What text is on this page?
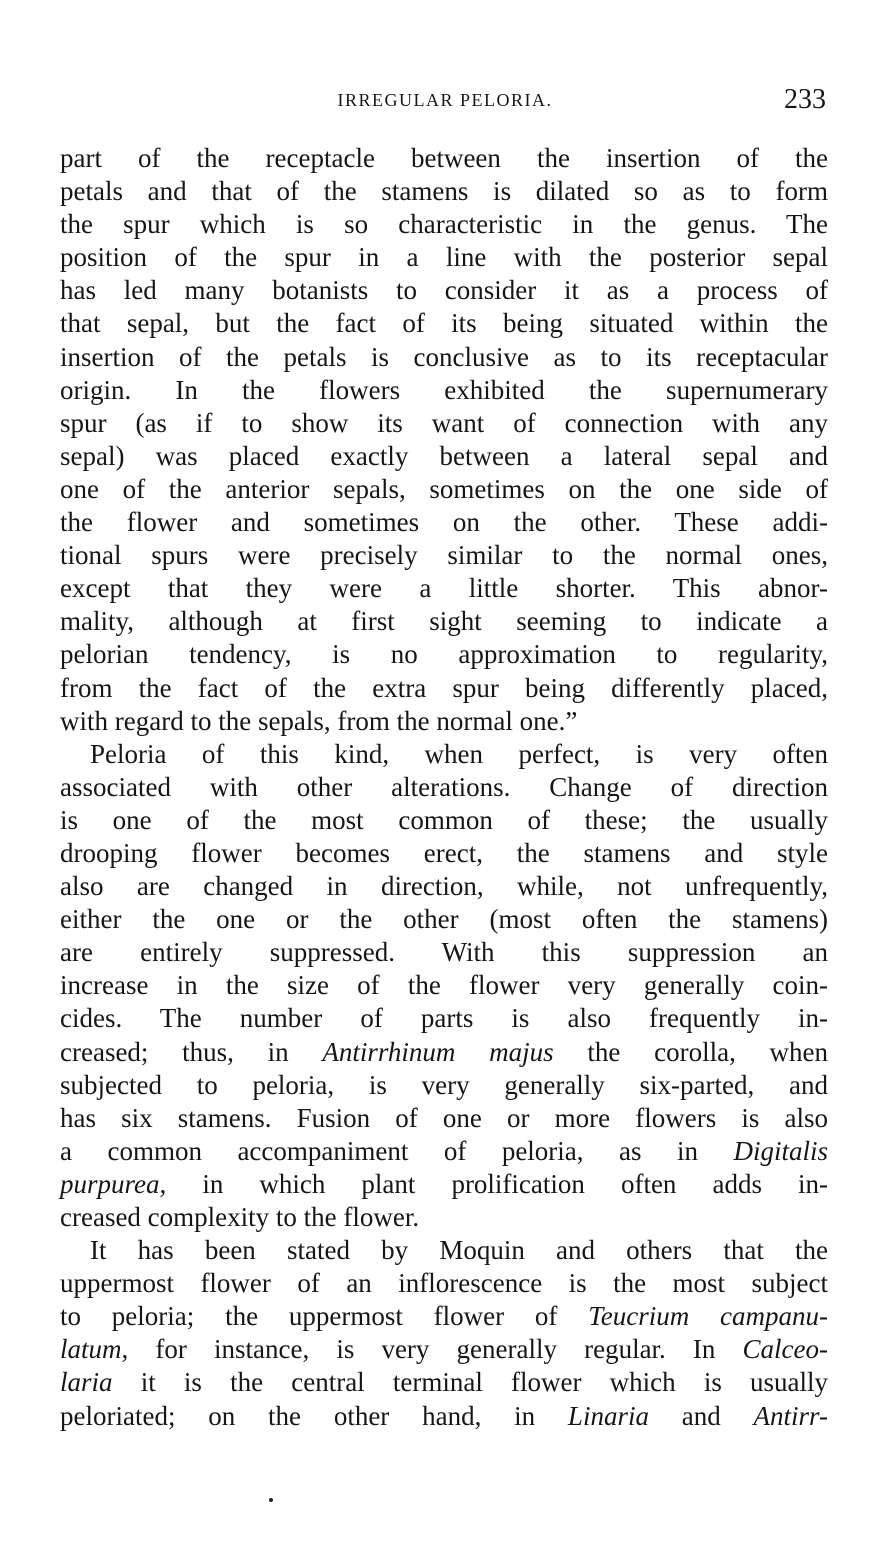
IRREGULAR PELORIA.	233
part of the receptacle between the insertion of the
petals and that of the stamens is dilated so as to form
the spur which is so characteristic in the genus. The
position of the spur in a line with the posterior sepal
has led many botanists to consider it as a process of
that sepal, but the fact of its being situated within the
insertion of the petals is conclusive as to its receptacular
origin. In the flowers exhibited the supernumerary
spur (as if to show its want of connection with any
sepal) was placed exactly between a lateral sepal and
one of the anterior sepals, sometimes on the one side of
the flower and sometimes on the other. These addi-
tional spurs were precisely similar to the normal ones,
except that they were a little shorter. This abnor-
mality, although at first sight seeming to indicate a
pelorian tendency, is no approximation to regularity,
from the fact of the extra spur being differently placed,
with regard to the sepals, from the normal one.”
Peloria of this kind, when perfect, is very often
associated with other alterations. Change of direction
is one of the most common of these; the usually
drooping flower becomes erect, the stamens and style
also are changed in direction, while, not unfrequently,
either the one or the other (most often the stamens)
are entirely suppressed. With this suppression an
increase in the size of the flower very generally coin-
cides. The number of parts is also frequently in-
creased; thus, in Antirrhinum majus the corolla, when
subjected to peloria, is very generally six-parted, and
has six stamens. Fusion of one or more flowers is also
a common accompaniment of peloria, as in Digitalis
purpurea, in which plant prolification often adds in-
creased complexity to the flower.
It has been stated by Moquin and others that the
uppermost flower of an inflorescence is the most subject
to peloria; the uppermost flower of Teucrium campanu-
latum, for instance, is very generally regular. In Calceo-
laria it is the central terminal flower which is usually
peloriated; on the other hand, in Linaria and Antirr-
